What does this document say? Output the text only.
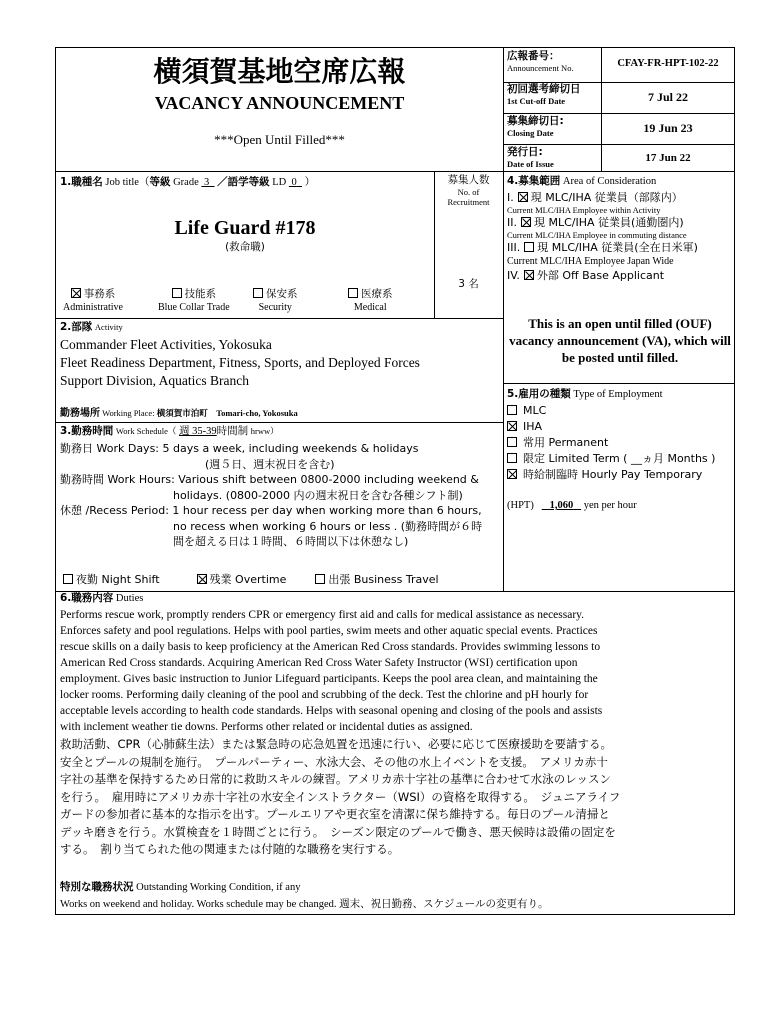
横須賀基地空席広報
VACANCY ANNOUNCEMENT
***Open Until Filled***
広報番号：
Announcement No.	CFAY-FR-HPT-102-22
初回選考締切日
1st Cut-off Date	7 Jul 22
募集締切日:
Closing Date	19 Jun 23
発行日:
Date of Issue	17 Jun 22
1.職種名 Job title（等級 Grade 3 ／語学等級 LD 0 ）
Life Guard #178
(救命職)
事務系
Administrative
技能系
Blue Collar Trade
保安系
Security
医療系
Medical
募集人数
No. of
Recruitment
3 名
4.募集範囲 Area of Consideration
I. 現 MLC/IHA 従業員（部隊内）
Current MLC/IHA Employee within Activity
II. 現 MLC/IHA 従業員(通勤圏内)
Current MLC/IHA Employee in commuting distance
III. 現 MLC/IHA 従業員(全在日米軍)
Current MLC/IHA Employee Japan Wide
IV. 外部 Off Base Applicant
This is an open until filled (OUF) vacancy announcement (VA), which will be posted until filled.
2.部隊 Activity
Commander Fleet Activities, Yokosuka
Fleet Readiness Department, Fitness, Sports, and Deployed Forces
Support Division, Aquatics Branch
勤務場所 Working Place: 横須賀市泊町　Tomari-cho, Yokosuka
3.勤務時間 Work Schedule（ 週 35-39時間制 hrww）
勤務日 Work Days: 5 days a week, including weekends & holidays
(週５日、週末祝日を含む)
勤務時間 Work Hours: Various shift between 0800-2000 including weekend &
holidays. (0800-2000 内の週末祝日を含む各種シフト制)
休憩 /Recess Period: 1 hour recess per day when working more than 6 hours,
no recess when working 6 hours or less . (勤務時間が６時
間を超える日は１時間、６時間以下は休憩なし)
夜勤 Night Shift	残業 Overtime	出張 Business Travel
5.雇用の種類 Type of Employment
MLC
IHA
常用 Permanent
限定 Limited Term ( __ヵ月 Months )
時給制臨時 Hourly Pay Temporary
(HPT) 1,060 yen per hour
6.職務内容 Duties
Performs rescue work, promptly renders CPR or emergency first aid and calls for medical assistance as necessary.
Enforces safety and pool regulations. Helps with pool parties, swim meets and other aquatic special events. Practices
rescue skills on a daily basis to keep proficiency at the American Red Cross standards. Provides swimming lessons to
American Red Cross standards. Acquiring American Red Cross Water Safety Instructor (WSI) certification upon
employment. Gives basic instruction to Junior Lifeguard participants. Keeps the pool area clean, and maintaining the
locker rooms. Performing daily cleaning of the pool and scrubbing of the deck. Test the chlorine and pH hourly for
acceptable levels according to health code standards. Helps with seasonal opening and closing of the pools and assists
with inclement weather tie downs. Performs other related or incidental duties as assigned.
救助活動、CPR（心肺蘇生法）または緊急時の応急処置を迅速に行い、必要に応じて医療援助を要請する。
安全とプールの規制を施行。　プールパーティー、水泳大会、その他の水上イベントを支援。　アメリカ赤十
字社の基準を保持するため日常的に救助スキルの練習。アメリカ赤十字社の基準に合わせて水泳のレッスン
を行う。　雇用時にアメリカ赤十字社の水安全インストラクター（WSI）の資格を取得する。　ジュニアライフ
ガードの参加者に基本的な指示を出す。プールエリアや更衣室を清潔に保ち維持する。毎日のプール清掃と
デッキ磨きを行う。水質検査を１時間ごとに行う。　シーズン限定のプールで働き、悪天候時は設備の固定を
する。　割り当てられた他の関連または付随的な職務を実行する。
特別な職務状況 Outstanding Working Condition, if any
Works on weekend and holiday. Works schedule may be changed. 週末、祝日勤務、スケジュールの変更有り。
